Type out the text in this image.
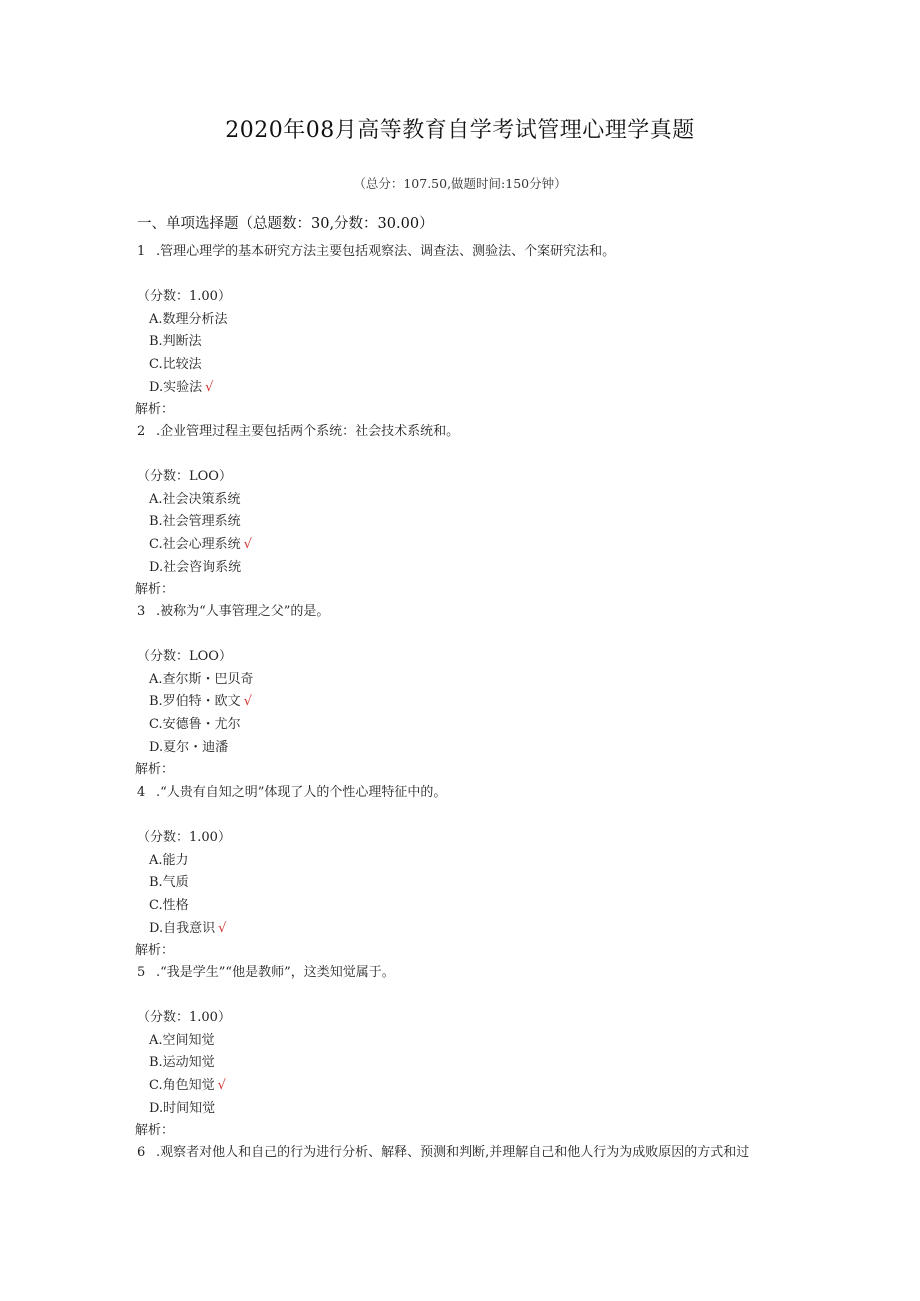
2020年08月高等教育自学考试管理心理学真题
（总分：107.50,做题时间:150分钟）
一、单项选择题（总题数：30,分数：30.00）
1 .管理心理学的基本研究方法主要包括观察法、调查法、测验法、个案研究法和。
（分数：1.00）
A.数理分析法
B.判断法
C.比较法
D.实验法 √
解析：
2 .企业管理过程主要包括两个系统：社会技术系统和。
（分数：LOO）
A.社会决策系统
B.社会管理系统
C.社会心理系统 √
D.社会咨询系统
解析：
3 .被称为“人事管理之父”的是。
（分数：LOO）
A.查尔斯・巴贝奇
B.罗伯特・欧文 √
C.安德鲁・尤尔
D.夏尔・迪潘
解析：
4 .“人贵有自知之明”体现了人的个性心理特征中的。
（分数：1.00）
A.能力
B.气质
C.性格
D.自我意识 √
解析：
5 .“我是学生”“他是教师”，这类知觉属于。
（分数：1.00）
A.空间知觉
B.运动知觉
C.角色知觉 √
D.时间知觉
解析：
6 .观察者对他人和自己的行为进行分析、解释、预测和判断,并理解自己和他人行为为成败原因的方式和过
